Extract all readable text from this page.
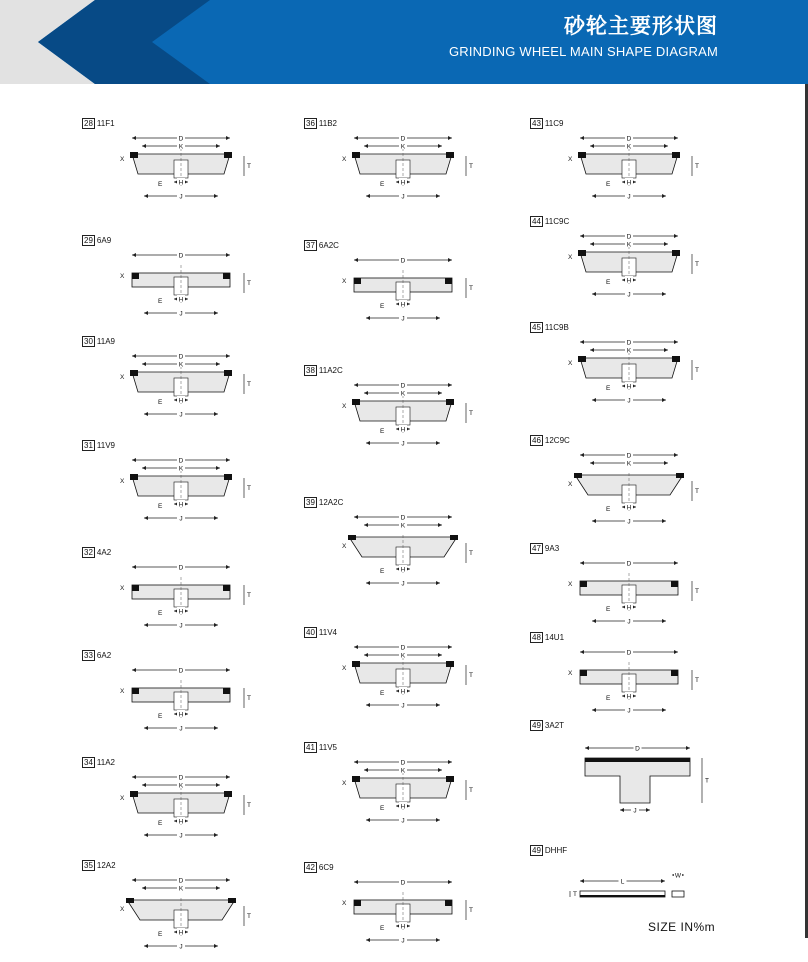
砂轮主要形状图
GRINDING WHEEL MAIN SHAPE DIAGRAM
28 11F1
D
K
H
J
T
X
E
29 6A9
D
H
J
T
X
E
30 11A9
D
K
H
J
T
X
E
31 11V9
D
K
H
J
T
X
E
32 4A2
D
H
J
T
X
E
33 6A2
D
H
J
T
X
E
34 11A2
D
K
H
J
T
X
E
35 12A2
D
K
H
J
T
X
E
36 11B2
D
K
H
J
T
X
E
37 6A2C
D
H
J
T
X
E
38 11A2C
D
K
H
J
T
X
E
39 12A2C
D
K
H
J
T
X
E
40 11V4
D
K
H
J
T
X
E
41 11V5
D
K
H
J
T
X
E
42 6C9
D
H
J
T
X
E
43 11C9
D
K
H
J
T
X
E
44 11C9C
D
K
H
J
T
X
E
45 11C9B
D
K
H
J
T
X
E
46 12C9C
D
K
H
J
T
X
E
47 9A3
D
H
J
T
X
E
48 14U1
D
H
J
T
X
E
49 3A2T
D
J
T
49 DHHF
L
W
T
SIZE IN%m
